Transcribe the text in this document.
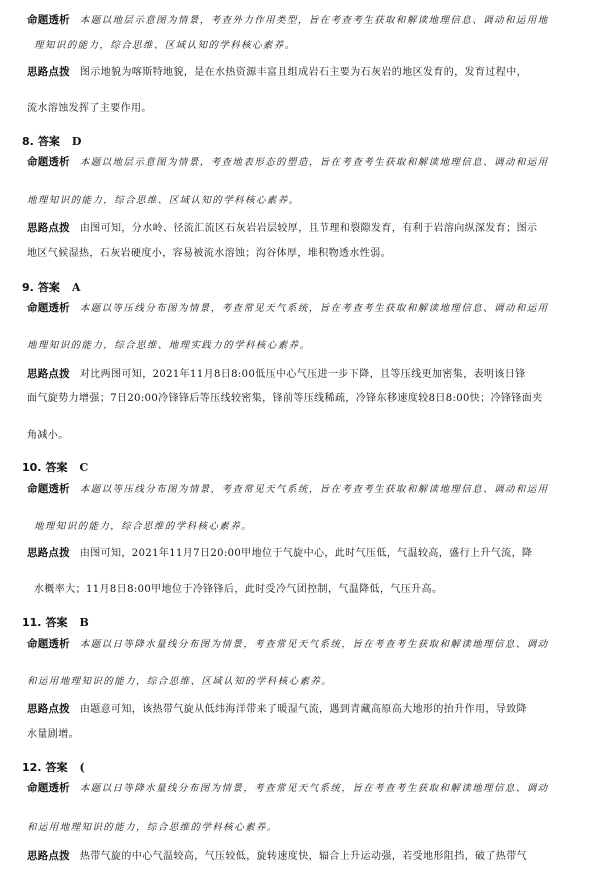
命题透析 本题以地层示意图为情景，考查外力作用类型，旨在考查考生获取和解读地理信息、调动和运用地
理知识的能力，综合思维、区域认知的学科核心素养。
思路点拨 图示地貌为喀斯特地貌，是在水热资源丰富且组成岩石主要为石灰岩的地区发育的，发育过程中，
流水溶蚀发挥了主要作用。
8. 答案 D
命题透析 本题以地层示意图为情景，考查地表形态的塑造，旨在考查考生获取和解读地理信息、调动和运用
地理知识的能力，综合思维、区域认知的学科核心素养。
思路点拨 由图可知，分水岭、径流汇流区石灰岩岩层较厚，且节理和裂隙发育，有利于岩溶向纵深发育；图示
地区气候湿热，石灰岩硬度小，容易被流水溶蚀；沟谷体厚，堆积物透水性弱。
9. 答案 A
命题透析 本题以等压线分布图为情景，考查常见天气系统，旨在考查考生获取和解读地理信息、调动和运用
地理知识的能力，综合思维、地理实践力的学科核心素养。
思路点拨 对比两图可知，2021年11月8日8:00低压中心气压进一步下降，且等压线更加密集，表明该日锋
面气旋势力增强；7日20:00冷锋锋后等压线较密集，锋前等压线稀疏，冷锋东移速度较8日8:00快；冷锋锋面夹
角减小。
10. 答案 C
命题透析 本题以等压线分布图为情景，考查常见天气系统，旨在考查考生获取和解读地理信息、调动和运用
地理知识的能力，综合思维的学科核心素养。
思路点拨 由图可知，2021年11月7日20:00甲地位于气旋中心，此时气压低，气温较高，盛行上升气流，降
水概率大；11月8日8:00甲地位于冷锋锋后，此时受冷气团控制，气温降低，气压升高。
11. 答案 B
命题透析 本题以日等降水量线分布图为情景，考查常见天气系统，旨在考查考生获取和解读地理信息、调动
和运用地理知识的能力，综合思维、区域认知的学科核心素养。
思路点拨 由题意可知，该热带气旋从低纬海洋带来了暖湿气流，遇到青藏高原高大地形的抬升作用，导致降
水量剧增。
12. 答案 (
命题透析 本题以日等降水量线分布图为情景，考查常见天气系统，旨在考查考生获取和解读地理信息、调动
和运用地理知识的能力，综合思维的学科核心素养。
思路点拨 热带气旋的中心气温较高，气压较低，旋转速度快，辐合上升运动强，若受地形阻挡，破了热带气
